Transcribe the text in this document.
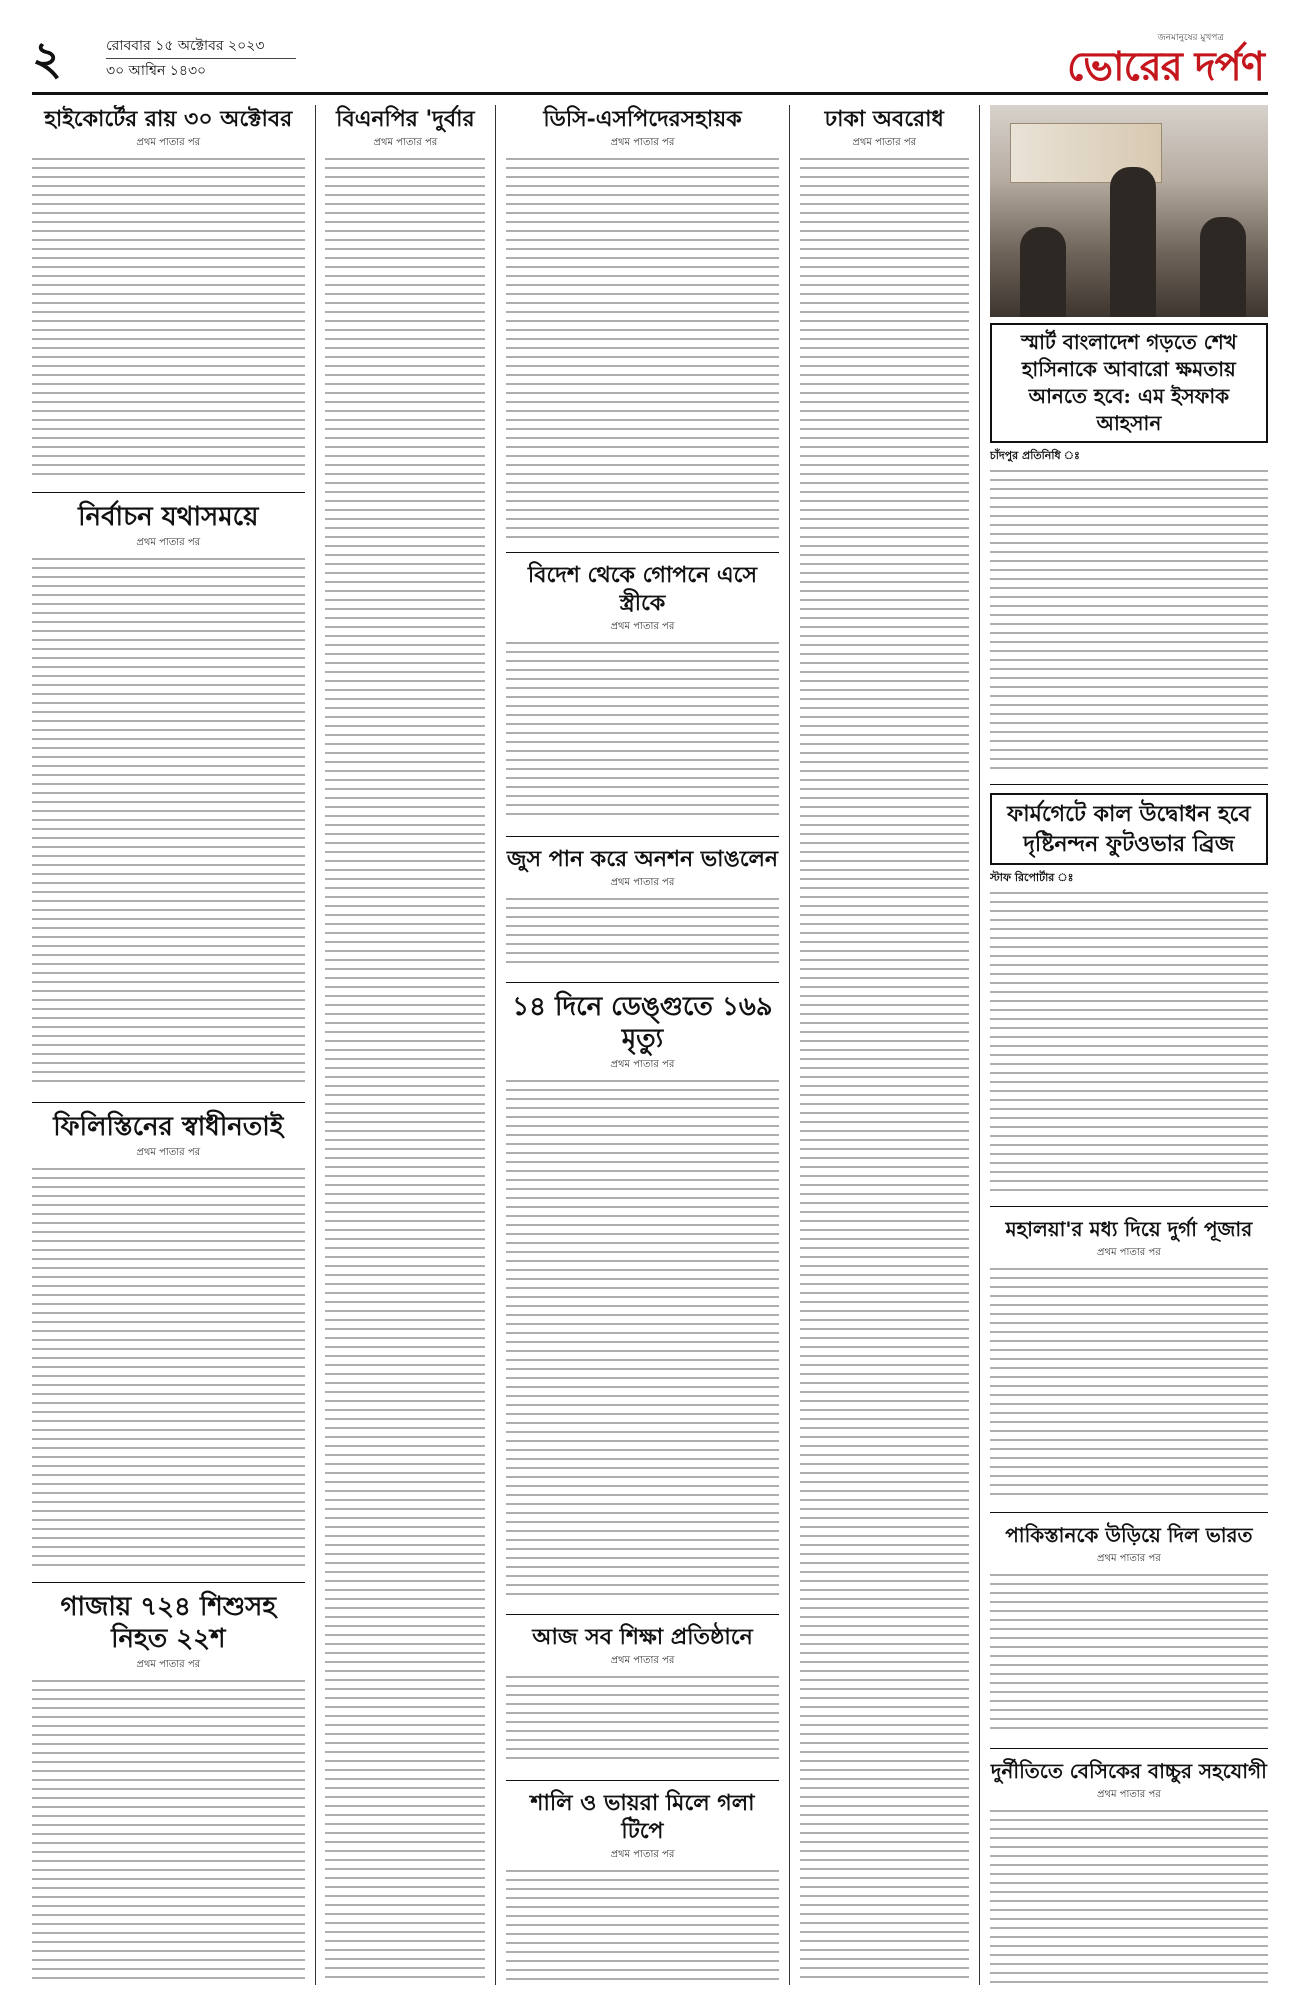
২	রোববার ১৫ অক্টোবর ২০২৩
৩০ আশ্বিন ১৪৩০
জনমানুষের মুখপত্র
ভোরের দর্পণ
হাইকোর্টের রায় ৩০ অক্টোবর
প্রথম পাতার পর
নির্বাচন যথাসময়ে
প্রথম পাতার পর
ফিলিস্তিনের স্বাধীনতাই
প্রথম পাতার পর
গাজায় ৭২৪ শিশুসহ নিহত ২২শ
প্রথম পাতার পর
বিএনপির 'দুর্বার
প্রথম পাতার পর
ডিসি-এসপিদেরসহায়ক
প্রথম পাতার পর
বিদেশ থেকে গোপনে এসে স্ত্রীকে
প্রথম পাতার পর
জুস পান করে অনশন ভাঙলেন
প্রথম পাতার পর
১৪ দিনে ডেঙ্গুতে ১৬৯ মৃত্যু
প্রথম পাতার পর
আজ সব শিক্ষা প্রতিষ্ঠানে
প্রথম পাতার পর
শালি ও ভায়রা মিলে গলা টিপে
প্রথম পাতার পর
ঢাকা অবরোধ
প্রথম পাতার পর
স্মার্ট বাংলাদেশ গড়তে শেখ হাসিনাকে আবারো ক্ষমতায় আনতে হবে: এম ইসফাক আহসান
চাঁদপুর প্রতিনিধি ঃ
ফার্মগেটে কাল উদ্বোধন হবে দৃষ্টিনন্দন ফুটওভার ব্রিজ
স্টাফ রিপোর্টার ঃ
মহালয়া'র মধ্য দিয়ে দুর্গা পূজার
প্রথম পাতার পর
পাকিস্তানকে উড়িয়ে দিল ভারত
প্রথম পাতার পর
দুর্নীতিতে বেসিকের বাচ্চুর সহযোগী
প্রথম পাতার পর
